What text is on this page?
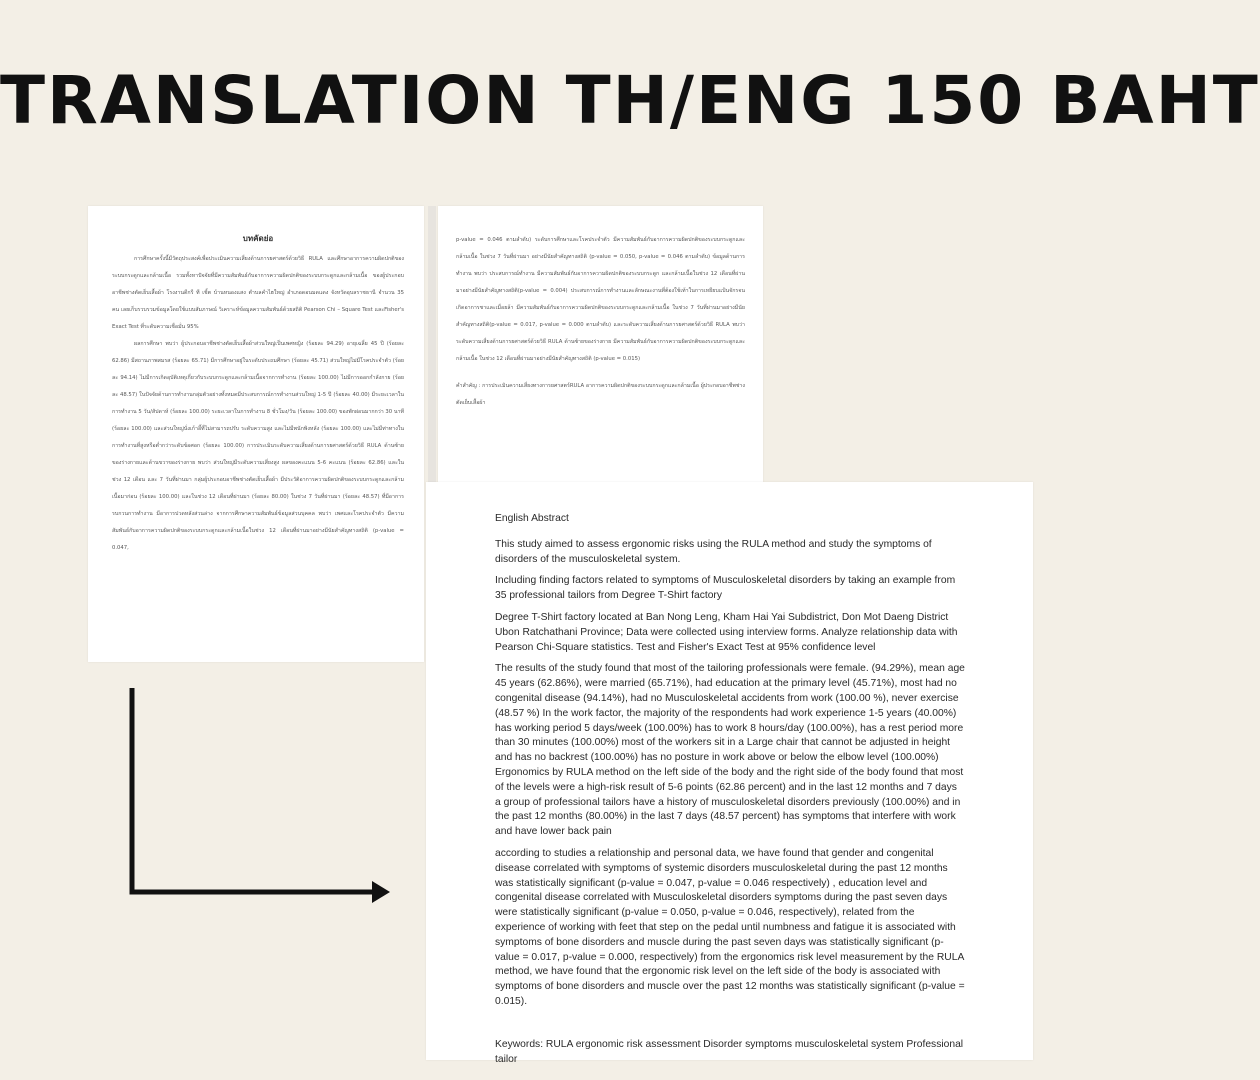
TRANSLATION TH/ENG 150 BAHT
บทคัดย่อ

การศึกษาครั้งนี้มีวัตถุประสงค์เพื่อประเมินความเสี่ยงด้านการยศาสตร์ด้วยวิธี RULA และศึกษาอาการความผิดปกติของระบบกระดูกและกล้ามเนื้อ รวมทั้งหาปัจจัยที่มีความสัมพันธ์กับอาการความผิดปกติของระบบกระดูกและกล้ามเนื้อ ของผู้ประกอบอาชีพช่างตัดเย็บเสื้อผ้า โรงงานดีกรี ที เชิ้ต บ้านหนองแสง ตำบลคำไฮใหญ่ อำเภอดอนมดแดง จังหวัดอุบลราชธานี จำนวน 35 คน เลยเก็บรวบรวมข้อมูลโดยใช้แบบสัมภาษณ์ วิเคราะห์ข้อมูลความสัมพันธ์ด้วยสถิติ Pearson Chi – Square Test และFisher's Exact Test ที่ระดับความเชื่อมั่น 95%

ผลการศึกษา พบว่า ผู้ประกอบอาชีพช่างตัดเย็บเสื้อผ้าส่วนใหญ่เป็นเพศหญิง (ร้อยละ 94.29) อายุเฉลี่ย 45 ปี (ร้อยละ 62.86) มีสถานภาพสมรส (ร้อยละ 65.71) มีการศึกษาอยู่ในระดับประถมศึกษา (ร้อยละ 45.71) ส่วนใหญ่ไม่มีโรคประจำตัว (ร้อยละ 94.14) ไม่มีการเกิดอุบัติเหตุเกี่ยวกับระบบกระดูกและกล้ามเนื้อจากการทำงาน (ร้อยละ 100.00) ไม่มีการออกกำลังกาย (ร้อยละ 48.57) ในปัจจัยด้านการทำงานกลุ่มตัวอย่างทั้งหมดมีประสบการณ์การทำงานส่วนใหญ่ 1-5 ปี (ร้อยละ 40.00) มีระยะเวลาในการทำงาน 5 วัน/สัปดาห์ (ร้อยละ 100.00) ระยะเวลาในการทำงาน 8 ชั่วโมง/วัน (ร้อยละ 100.00) ของพักผ่อนมากกว่า 30 นาที (ร้อยละ 100.00) และส่วนใหญ่นั่งเก้าอี้ที่ไม่สามารถปรับ ระดับความสูง และไม่มีพนักพิงหลัง (ร้อยละ 100.00) และไม่มีท่าทางในการทำงานที่สูงหรือต่ำกว่าระดับข้อศอก (ร้อยละ 100.00) การประเมินระดับความเสี่ยงด้านการยศาสตร์ด้วยวิธี RULA ด้านซ้ายของร่างกายและด้านขวาของร่างกาย พบว่า ส่วนใหญ่มีระดับความเสี่ยงสูง ผลของคะแนน 5-6 คะแนน (ร้อยละ 62.86) และในช่วง 12 เดือน และ 7 วันที่ผ่านมา กลุ่มผู้ประกอบอาชีพช่างตัดเย็บเสื้อผ้า มีประวัติอาการความผิดปกติของระบบกระดูกและกล้ามเนื้อมาก่อน (ร้อยละ 100.00) และในช่วง 12 เดือนที่ผ่านมา (ร้อยละ 80.00) ในช่วง 7 วันที่ผ่านมา (ร้อยละ 48.57) ที่มีอาการรบกวนการทำงาน มีอาการปวดหลังส่วนล่าง จากการศึกษาความสัมพันธ์ข้อมูลส่วนบุคคล พบว่า เพศและโรคประจำตัว มีความสัมพันธ์กับอาการความผิดปกติของระบบกระดูกและกล้ามเนื้อในช่วง 12 เดือนที่ผ่านมาอย่างมีนัยสำคัญทางสถิติ (p-value = 0.047,

p-value = 0.046 ตามลำดับ) ระดับการศึกษาและโรคประจำตัว มีความสัมพันธ์กับอาการความผิดปกติของระบบกระดูกและกล้ามเนื้อ ในช่วง 7 วันที่ผ่านมา อย่างมีนัยสำคัญทางสถิติ (p-value = 0.050, p-value = 0.046 ตามลำดับ) ข้อมูลด้านการทำงาน พบว่า ประสบการณ์ทำงาน มีความสัมพันธ์กับอาการความผิดปกติของระบบกระดูก และกล้ามเนื้อในช่วง 12 เดือนที่ผ่านมาอย่างมีนัยสำคัญทางสถิติ(p-value = 0.004) ประสบการณ์การทำงานและลักษณะงานที่ต้องใช้เท้าในการเหยียบแป้นจักรจนเกิดอาการชาและเมื่อยล้า มีความสัมพันธ์กับอาการความผิดปกติของระบบกระดูกและกล้ามเนื้อ ในช่วง 7 วันที่ผ่านมาอย่างมีนัยสำคัญทางสถิติ(p-value = 0.017, p-value = 0.000 ตามลำดับ) และระดับความเสี่ยงด้านการยศาสตร์ด้วยวิธี RULA พบว่า ระดับความเสี่ยงด้านการยศาสตร์ด้วยวิธี RULA ด้านซ้ายของร่างกาย มีความสัมพันธ์กับอาการความผิดปกติของระบบกระดูกและกล้ามเนื้อ ในช่วง 12 เดือนที่ผ่านมาอย่างมีนัยสำคัญทางสถิติ (p-value = 0.015)

คำสำคัญ : การประเมินความเสี่ยงทางการยศาสตร์RULA อาการความผิดปกติของระบบกระดูกและกล้ามเนื้อ ผู้ประกอบอาชีพช่างตัดเย็บเสื้อผ้า

English Abstract

This study aimed to assess ergonomic risks using the RULA method and study the symptoms of disorders of the musculoskeletal system.

Including finding factors related to symptoms of Musculoskeletal disorders by taking an example from 35 professional tailors from Degree T-Shirt factory

Degree T-Shirt factory located at Ban Nong Leng, Kham Hai Yai Subdistrict, Don Mot Daeng District Ubon Ratchathani Province; Data were collected using interview forms. Analyze relationship data with Pearson Chi-Square statistics. Test and Fisher's Exact Test at 95% confidence level

The results of the study found that most of the tailoring professionals were female. (94.29%), mean age 45 years (62.86%), were married (65.71%), had education at the primary level (45.71%), most had no congenital disease (94.14%), had no Musculoskeletal accidents from work (100.00 %), never exercise (48.57 %) In the work factor, the majority of the respondents had work experience 1-5 years (40.00%) has working period 5 days/week (100.00%) has to work 8 hours/day (100.00%), has a rest period more than 30 minutes (100.00%) most of the workers sit in a Large chair that cannot be adjusted in height and has no backrest (100.00%) has no posture in work above or below the elbow level (100.00%) Ergonomics by RULA method on the left side of the body and the right side of the body found that most of the levels were a high-risk result of 5-6 points (62.86 percent) and in the last 12 months and 7 days a group of professional tailors have a history of musculoskeletal disorders previously (100.00%) and in the past 12 months (80.00%) in the last 7 days (48.57 percent) has symptoms that interfere with work and have lower back pain

according to studies a relationship and personal data, we have found that gender and congenital disease correlated with symptoms of systemic disorders musculoskeletal during the past 12 months was statistically significant (p-value = 0.047, p-value = 0.046 respectively) , education level and congenital disease correlated with Musculoskeletal disorders symptoms during the past seven days were statistically significant (p-value = 0.050, p-value = 0.046, respectively), related from the experience of working with feet that step on the pedal until numbness and fatigue it is associated with symptoms of bone disorders and muscle during the past seven days was statistically significant (p-value = 0.017, p-value = 0.000, respectively) from the ergonomics risk level measurement by the RULA method, we have found that the ergonomic risk level on the left side of the body is associated with symptoms of bone disorders and muscle over the past 12 months was statistically significant (p-value = 0.015).

Keywords: RULA ergonomic risk assessment Disorder symptoms musculoskeletal system Professional tailor
